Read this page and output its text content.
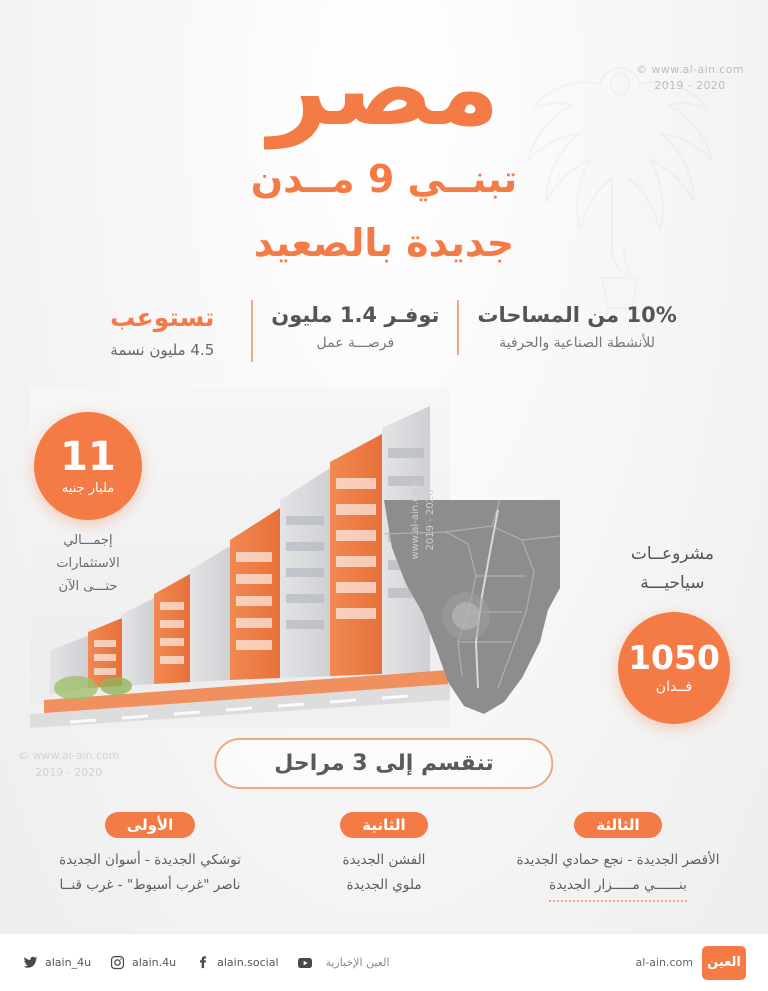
© www.al-ain.com
2019 - 2020
مصر
تبنــي 9 مــدن
جديدة بالصعيد
10% من المساحات
للأنشطة الصناعية والحرفية
توفـر 1.4 مليون
فرصـــة عمل
تستوعب
4.5 مليون نسمة
11
مليار جنيه
إجمـــالي
الاستثمارات
حتـــى الآن
www.al-ain.com 2019 - 2020
مشروعــات
سياحيـــة
1050
فــدان
© www.al-ain.com
2019 - 2020	تنقسم إلى 3 مراحل
الثالثة
الأقصر الجديدة - نجع حمادي الجديدة
بنــــــي مـــــزار الجديدة
الثانية
الفشن الجديدة
ملوي الجديدة
الأولى
توشكي الجديدة - أسوان الجديدة
ناصر "غرب أسيوط" - غرب قنــا
alain_4u	alain.4u	alain.social	العين الإخبارية	al-ain.com	العين
